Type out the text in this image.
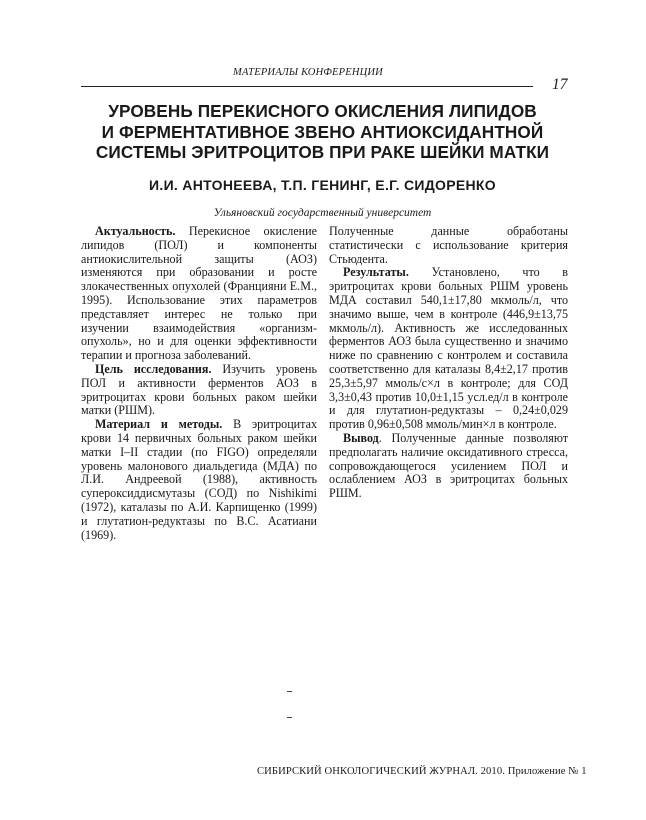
МАТЕРИАЛЫ КОНФЕРЕНЦИИ
17
УРОВЕНЬ ПЕРЕКИСНОГО ОКИСЛЕНИЯ ЛИПИДОВ
И ФЕРМЕНТАТИВНОЕ ЗВЕНО АНТИОКСИДАНТНОЙ
СИСТЕМЫ ЭРИТРОЦИТОВ ПРИ РАКЕ ШЕЙКИ МАТКИ
И.И. АНТОНЕЕВА, Т.П. ГЕНИНГ, Е.Г. СИДОРЕНКО
Ульяновский государственный университет

Актуальность. Перекисное окисление липидов (ПОЛ) и компоненты антиокислительной защиты (АОЗ) изменяются при образовании и росте злокачественных опухолей (Францияни Е.М., 1995). Использование этих параметров представляет интерес не только при изучении взаимодействия «организм-опухоль», но и для оценки эффективности терапии и прогноза заболеваний.

Цель исследования. Изучить уровень ПОЛ и активности ферментов АОЗ в эритроцитах крови больных раком шейки матки (РШМ).

Материал и методы. В эритроцитах крови 14 первичных больных раком шейки матки I–II стадии (по FIGO) определяли уровень малонового диальдегида (МДА) по Л.И. Андреевой (1988), активность супероксиддисмутазы (СОД) по Nishikimi (1972), каталазы по А.И. Карпищенко (1999) и глутатион-редуктазы по В.С. Асатиани (1969).

Полученные данные обработаны статистически с использование критерия Стьюдента.

Результаты. Установлено, что в эритроцитах крови больных РШМ уровень МДА составил 540,1±17,80 мкмоль/л, что значимо выше, чем в контроле (446,9±13,75 мкмоль/л). Активность же исследованных ферментов АОЗ была существенно и значимо ниже по сравнению с контролем и составила соответственно для каталазы 8,4±2,17 против 25,3±5,97 ммоль/с×л в контроле; для СОД 3,3±0,43 против 10,0±1,15 усл.ед/л в контроле и для глутатион-редуктазы – 0,24±0,029 против 0,96±0,508 ммоль/мин×л в контроле.

Вывод. Полученные данные позволяют предполагать наличие оксидативного стресса, сопровождающегося усилением ПОЛ и ослаблением АОЗ в эритроцитах больных РШМ.

СИБИРСКИЙ ОНКОЛОГИЧЕСКИЙ ЖУРНАЛ. 2010. Приложение № 1
